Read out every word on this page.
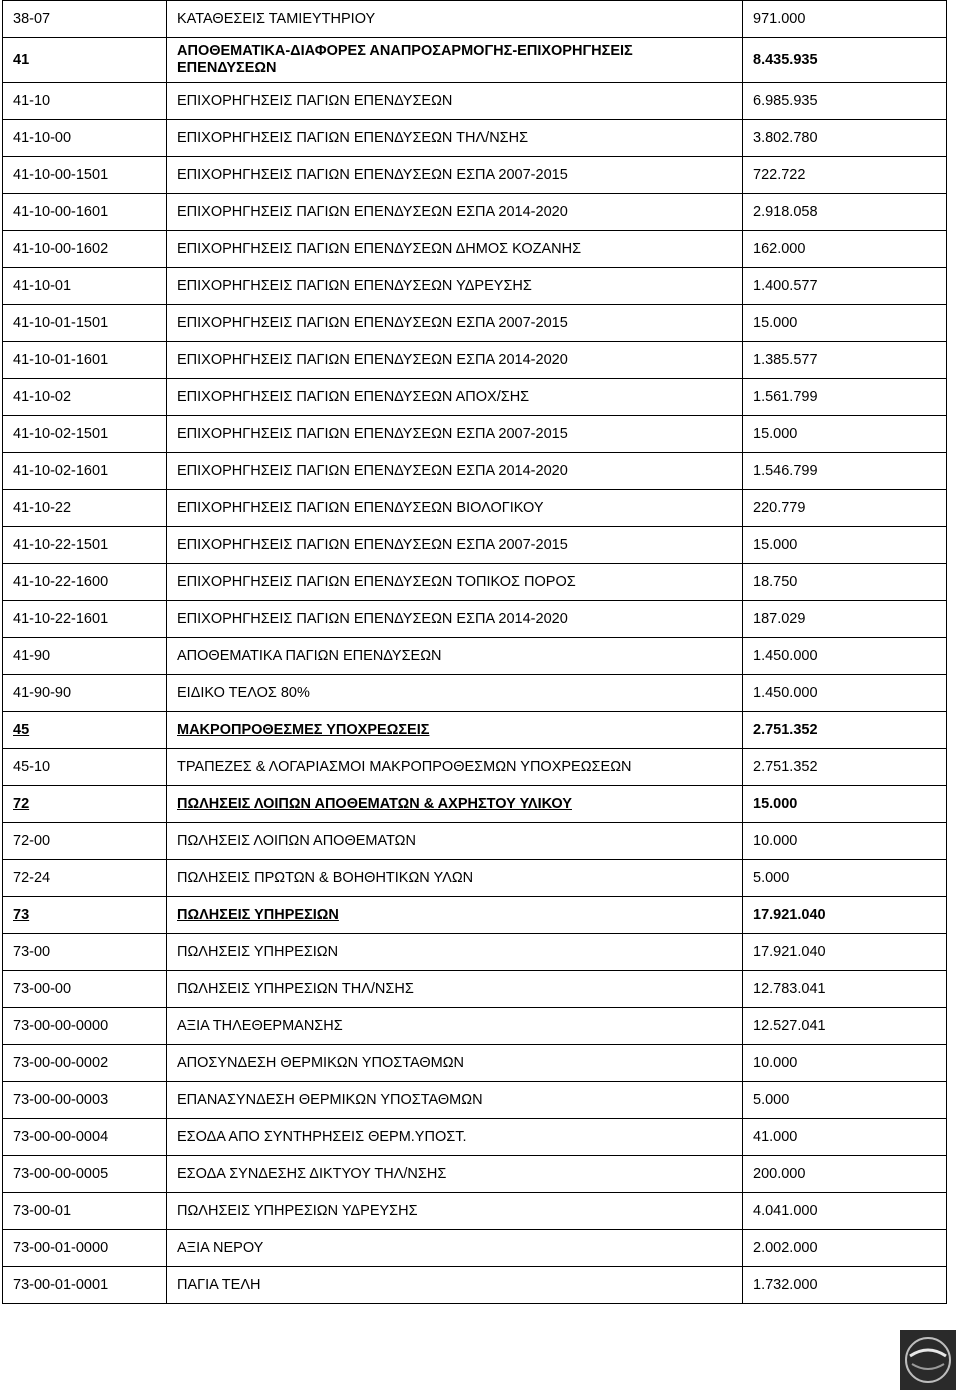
38-07	ΚΑΤΑΘΕΣΕΙΣ ΤΑΜΙΕΥΤΗΡΙΟΥ	971.000
41	ΑΠΟΘΕΜΑΤΙΚΑ-ΔΙΑΦΟΡΕΣ ΑΝΑΠΡΟΣΑΡΜΟΓΗΣ-ΕΠΙΧΟΡΗΓΗΣΕΙΣ ΕΠΕΝΔΥΣΕΩΝ	8.435.935
41-10	ΕΠΙΧΟΡΗΓΗΣΕΙΣ ΠΑΓΙΩΝ ΕΠΕΝΔΥΣΕΩΝ	6.985.935
41-10-00	ΕΠΙΧΟΡΗΓΗΣΕΙΣ ΠΑΓΙΩΝ ΕΠΕΝΔΥΣΕΩΝ ΤΗΛ/ΝΣΗΣ	3.802.780
41-10-00-1501	ΕΠΙΧΟΡΗΓΗΣΕΙΣ ΠΑΓΙΩΝ ΕΠΕΝΔΥΣΕΩΝ ΕΣΠΑ 2007-2015	722.722
41-10-00-1601	ΕΠΙΧΟΡΗΓΗΣΕΙΣ ΠΑΓΙΩΝ ΕΠΕΝΔΥΣΕΩΝ ΕΣΠΑ 2014-2020	2.918.058
41-10-00-1602	ΕΠΙΧΟΡΗΓΗΣΕΙΣ ΠΑΓΙΩΝ ΕΠΕΝΔΥΣΕΩΝ ΔΗΜΟΣ ΚΟΖΑΝΗΣ	162.000
41-10-01	ΕΠΙΧΟΡΗΓΗΣΕΙΣ ΠΑΓΙΩΝ ΕΠΕΝΔΥΣΕΩΝ ΥΔΡΕΥΣΗΣ	1.400.577
41-10-01-1501	ΕΠΙΧΟΡΗΓΗΣΕΙΣ ΠΑΓΙΩΝ ΕΠΕΝΔΥΣΕΩΝ ΕΣΠΑ 2007-2015	15.000
41-10-01-1601	ΕΠΙΧΟΡΗΓΗΣΕΙΣ ΠΑΓΙΩΝ ΕΠΕΝΔΥΣΕΩΝ ΕΣΠΑ 2014-2020	1.385.577
41-10-02	ΕΠΙΧΟΡΗΓΗΣΕΙΣ ΠΑΓΙΩΝ ΕΠΕΝΔΥΣΕΩΝ ΑΠΟΧ/ΣΗΣ	1.561.799
41-10-02-1501	ΕΠΙΧΟΡΗΓΗΣΕΙΣ ΠΑΓΙΩΝ ΕΠΕΝΔΥΣΕΩΝ ΕΣΠΑ 2007-2015	15.000
41-10-02-1601	ΕΠΙΧΟΡΗΓΗΣΕΙΣ ΠΑΓΙΩΝ ΕΠΕΝΔΥΣΕΩΝ ΕΣΠΑ 2014-2020	1.546.799
41-10-22	ΕΠΙΧΟΡΗΓΗΣΕΙΣ ΠΑΓΙΩΝ ΕΠΕΝΔΥΣΕΩΝ ΒΙΟΛΟΓΙΚΟΥ	220.779
41-10-22-1501	ΕΠΙΧΟΡΗΓΗΣΕΙΣ ΠΑΓΙΩΝ ΕΠΕΝΔΥΣΕΩΝ ΕΣΠΑ 2007-2015	15.000
41-10-22-1600	ΕΠΙΧΟΡΗΓΗΣΕΙΣ ΠΑΓΙΩΝ ΕΠΕΝΔΥΣΕΩΝ ΤΟΠΙΚΟΣ ΠΟΡΟΣ	18.750
41-10-22-1601	ΕΠΙΧΟΡΗΓΗΣΕΙΣ ΠΑΓΙΩΝ ΕΠΕΝΔΥΣΕΩΝ ΕΣΠΑ 2014-2020	187.029
41-90	ΑΠΟΘΕΜΑΤΙΚΑ ΠΑΓΙΩΝ ΕΠΕΝΔΥΣΕΩΝ	1.450.000
41-90-90	ΕΙΔΙΚΟ ΤΕΛΟΣ 80%	1.450.000
45	ΜΑΚΡΟΠΡΟΘΕΣΜΕΣ ΥΠΟΧΡΕΩΣΕΙΣ	2.751.352
45-10	ΤΡΑΠΕΖΕΣ & ΛΟΓΑΡΙΑΣΜΟΙ ΜΑΚΡΟΠΡΟΘΕΣΜΩΝ ΥΠΟΧΡΕΩΣΕΩΝ	2.751.352
72	ΠΩΛΗΣΕΙΣ ΛΟΙΠΩΝ ΑΠΟΘΕΜΑΤΩΝ & ΑΧΡΗΣΤΟΥ ΥΛΙΚΟΥ	15.000
72-00	ΠΩΛΗΣΕΙΣ ΛΟΙΠΩΝ ΑΠΟΘΕΜΑΤΩΝ	10.000
72-24	ΠΩΛΗΣΕΙΣ ΠΡΩΤΩΝ & ΒΟΗΘΗΤΙΚΩΝ ΥΛΩΝ	5.000
73	ΠΩΛΗΣΕΙΣ ΥΠΗΡΕΣΙΩΝ	17.921.040
73-00	ΠΩΛΗΣΕΙΣ ΥΠΗΡΕΣΙΩΝ	17.921.040
73-00-00	ΠΩΛΗΣΕΙΣ ΥΠΗΡΕΣΙΩΝ ΤΗΛ/ΝΣΗΣ	12.783.041
73-00-00-0000	ΑΞΙΑ ΤΗΛΕΘΕΡΜΑΝΣΗΣ	12.527.041
73-00-00-0002	ΑΠΟΣΥΝΔΕΣΗ ΘΕΡΜΙΚΩΝ ΥΠΟΣΤΑΘΜΩΝ	10.000
73-00-00-0003	ΕΠΑΝΑΣΥΝΔΕΣΗ ΘΕΡΜΙΚΩΝ ΥΠΟΣΤΑΘΜΩΝ	5.000
73-00-00-0004	ΕΣΟΔΑ ΑΠΟ ΣΥΝΤΗΡΗΣΕΙΣ ΘΕΡΜ.ΥΠΟΣΤ.	41.000
73-00-00-0005	ΕΣΟΔΑ ΣΥΝΔΕΣΗΣ ΔΙΚΤΥΟΥ ΤΗΛ/ΝΣΗΣ	200.000
73-00-01	ΠΩΛΗΣΕΙΣ ΥΠΗΡΕΣΙΩΝ ΥΔΡΕΥΣΗΣ	4.041.000
73-00-01-0000	ΑΞΙΑ ΝΕΡΟΥ	2.002.000
73-00-01-0001	ΠΑΓΙΑ ΤΕΛΗ	1.732.000
